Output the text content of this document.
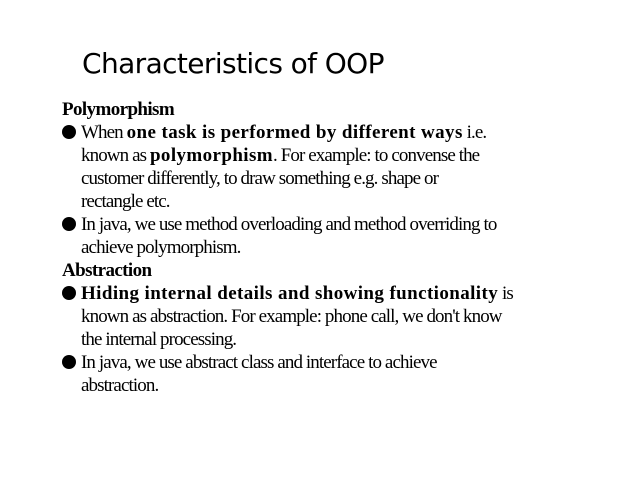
Characteristics of OOP

Polymorphism

When one task is performed by different ways i.e.
known as polymorphism. For example: to convense the
customer differently, to draw something e.g. shape or
rectangle etc.
In java, we use method overloading and method overriding to
achieve polymorphism.

Abstraction

Hiding internal details and showing functionality is
known as abstraction. For example: phone call, we don't know
the internal processing.
In java, we use abstract class and interface to achieve
abstraction.
